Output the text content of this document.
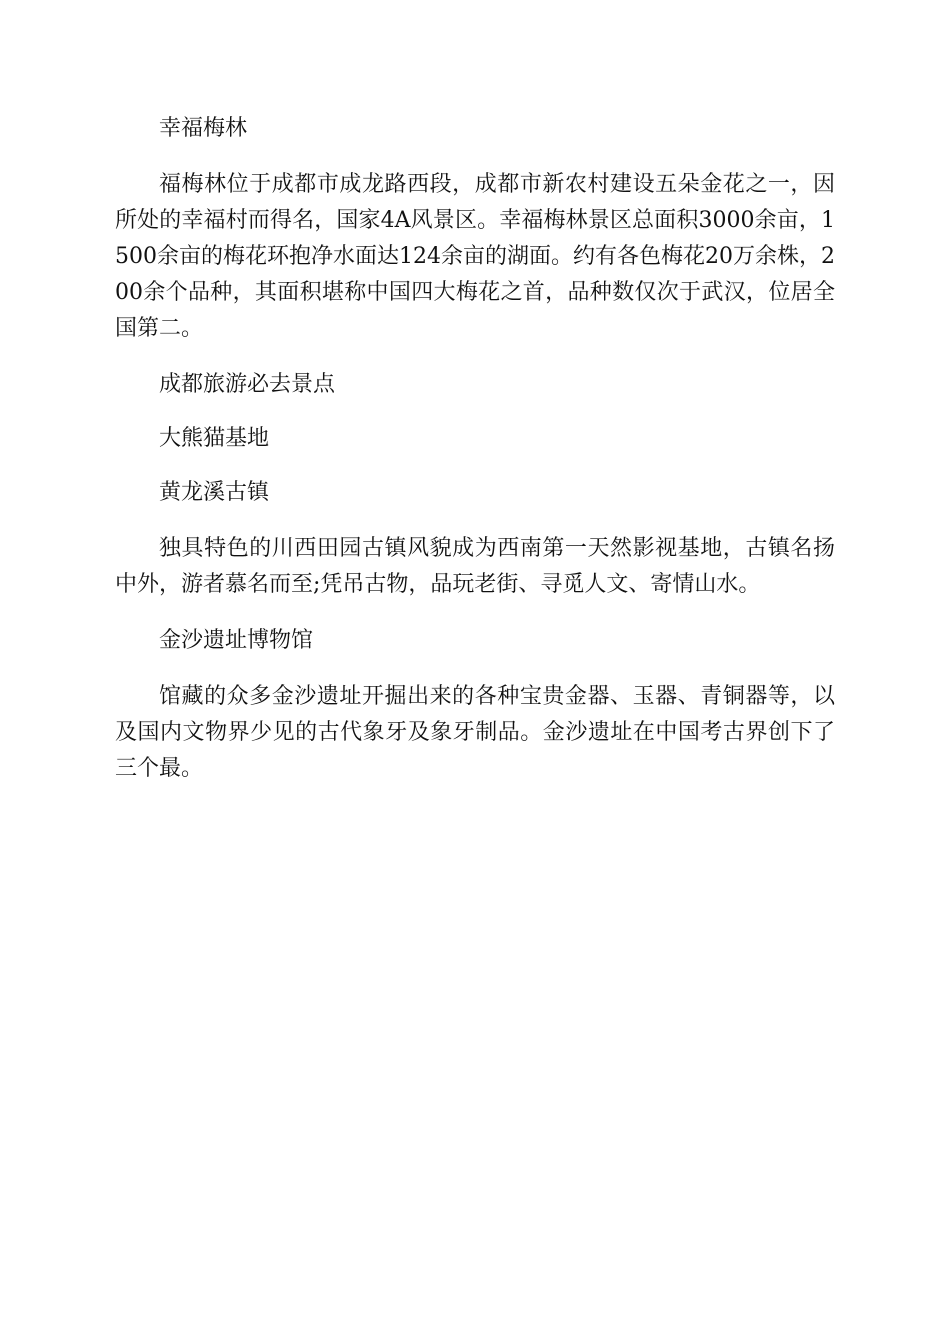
幸福梅林

福梅林位于成都市成龙路西段，成都市新农村建设五朵金花之一，因所处的幸福村而得名，国家4A风景区。幸福梅林景区总面积3000余亩，1500余亩的梅花环抱净水面达124余亩的湖面。约有各色梅花20万余株，200余个品种，其面积堪称中国四大梅花之首，品种数仅次于武汉，位居全国第二。

成都旅游必去景点

大熊猫基地

黄龙溪古镇

独具特色的川西田园古镇风貌成为西南第一天然影视基地，古镇名扬中外，游者慕名而至;凭吊古物，品玩老街、寻觅人文、寄情山水。

金沙遗址博物馆

馆藏的众多金沙遗址开掘出来的各种宝贵金器、玉器、青铜器等，以及国内文物界少见的古代象牙及象牙制品。金沙遗址在中国考古界创下了三个最。
